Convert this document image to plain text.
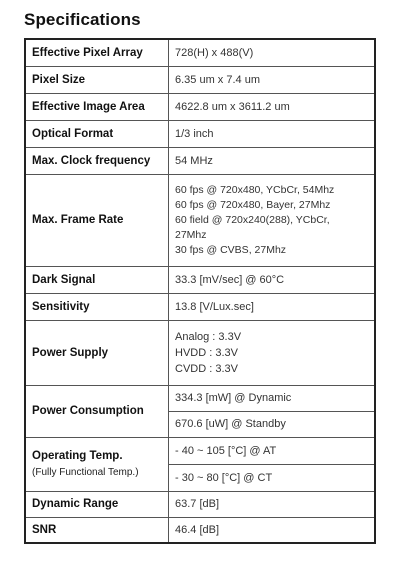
Specifications
Effective Pixel Array	728(H) x 488(V)
Pixel Size	6.35 um x 7.4 um
Effective Image Area	4622.8 um x 3611.2 um
Optical Format	1/3 inch
Max. Clock frequency	54 MHz
Max. Frame Rate	60 fps @ 720x480, YCbCr, 54Mhz
60 fps @ 720x480, Bayer, 27Mhz
60 field @ 720x240(288), YCbCr,
27Mhz
30 fps @ CVBS, 27Mhz

Dark Signal	33.3 [mV/sec] @ 60°C
Sensitivity	13.8 [V/Lux.sec]
Power Supply	Analog : 3.3V
HVDD : 3.3V
CVDD : 3.3V

Power Consumption	334.3 [mW] @ Dynamic
	670.6 [uW] @ Standby
Operating Temp.
(Fully Functional Temp.)	- 40 ~ 105 [°C] @ AT
	- 30 ~ 80 [°C] @ CT
Dynamic Range	63.7 [dB]
SNR	46.4 [dB]
